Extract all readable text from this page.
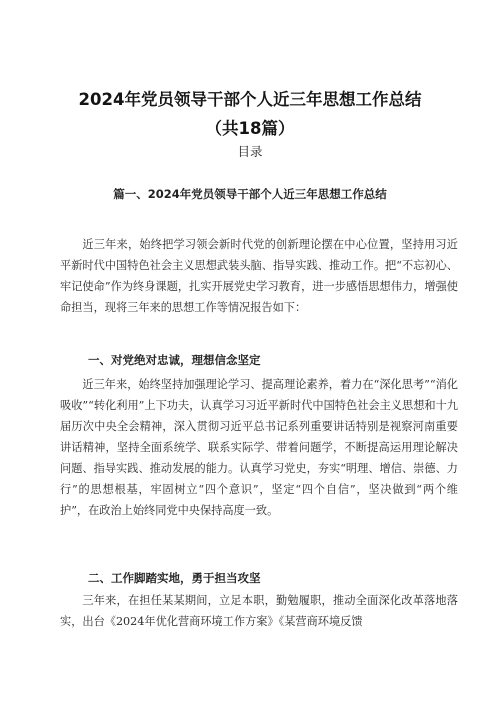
2024年党员领导干部个人近三年思想工作总结
（共18篇）
目录
篇一、2024年党员领导干部个人近三年思想工作总结
近三年来，始终把学习领会新时代党的创新理论摆在中心位置，坚持用习近平新时代中国特色社会主义思想武装头脑、指导实践、推动工作。把“不忘初心、牢记使命”作为终身课题，扎实开展党史学习教育，进一步感悟思想伟力，增强使命担当，现将三年来的思想工作等情况报告如下：
一、对党绝对忠诚，理想信念坚定
近三年来，始终坚持加强理论学习、提高理论素养，着力在“深化思考”“消化吸收”“转化利用”上下功夫，认真学习习近平新时代中国特色社会主义思想和十九届历次中央全会精神，深入贯彻习近平总书记系列重要讲话特别是视察河南重要讲话精神，坚持全面系统学、联系实际学、带着问题学，不断提高运用理论解决问题、指导实践、推动发展的能力。认真学习党史，夯实“明理、增信、崇德、力行”的思想根基，牢固树立“四个意识”，坚定“四个自信”，坚决做到“两个维护”，在政治上始终同党中央保持高度一致。
二、工作脚踏实地，勇于担当攻坚
三年来，在担任某某期间，立足本职，勤勉履职，推动全面深化改革落地落实，出台《2024年优化营商环境工作方案》《某营商环境反馈
